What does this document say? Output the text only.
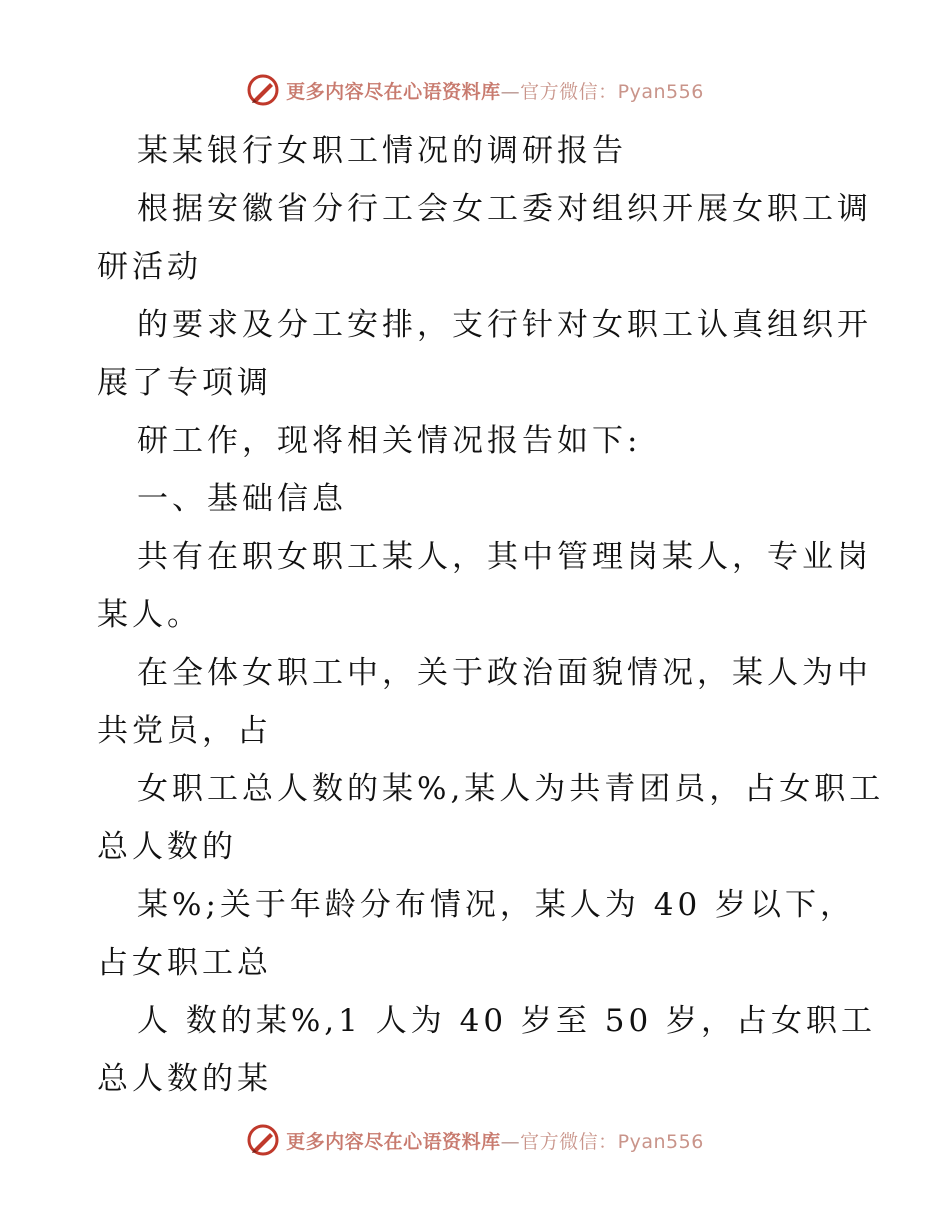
更多内容尽在心语资料库—官方微信：Pyan556
某某银行女职工情况的调研报告
根据安徽省分行工会女工委对组织开展女职工调
研活动
的要求及分工安排，支行针对女职工认真组织开
展了专项调
研工作，现将相关情况报告如下:
一、基础信息
共有在职女职工某人，其中管理岗某人，专业岗
某人。
在全体女职工中，关于政治面貌情况，某人为中
共党员，占
女职工总人数的某%,某人为共青团员，占女职工
总人数的
某%;关于年龄分布情况，某人为 40 岁以下，
占女职工总
人 数的某%,1 人为 40 岁至 50 岁，占女职工
总人数的某
更多内容尽在心语资料库—官方微信：Pyan556
